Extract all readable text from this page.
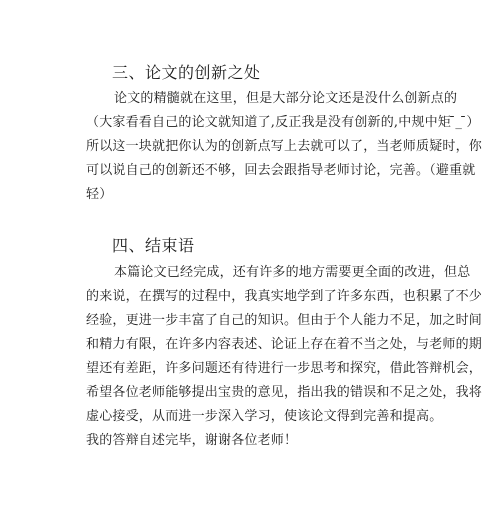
三、论文的创新之处
论文的精髓就在这里，但是大部分论文还是没什么创新点的
（大家看看自己的论文就知道了,反正我是没有创新的,中规中矩 ̄_ ̄）
所以这一块就把你认为的创新点写上去就可以了，当老师质疑时，你
可以说自己的创新还不够，回去会跟指导老师讨论，完善。（避重就
轻）
四、结束语
本篇论文已经完成，还有许多的地方需要更全面的改进，但总
的来说，在撰写的过程中，我真实地学到了许多东西，也积累了不少
经验，更进一步丰富了自己的知识。但由于个人能力不足，加之时间
和精力有限，在许多内容表述、论证上存在着不当之处，与老师的期
望还有差距，许多问题还有待进行一步思考和探究，借此答辩机会，
希望各位老师能够提出宝贵的意见，指出我的错误和不足之处，我将
虚心接受，从而进一步深入学习，使该论文得到完善和提高。
我的答辩自述完毕，谢谢各位老师！
